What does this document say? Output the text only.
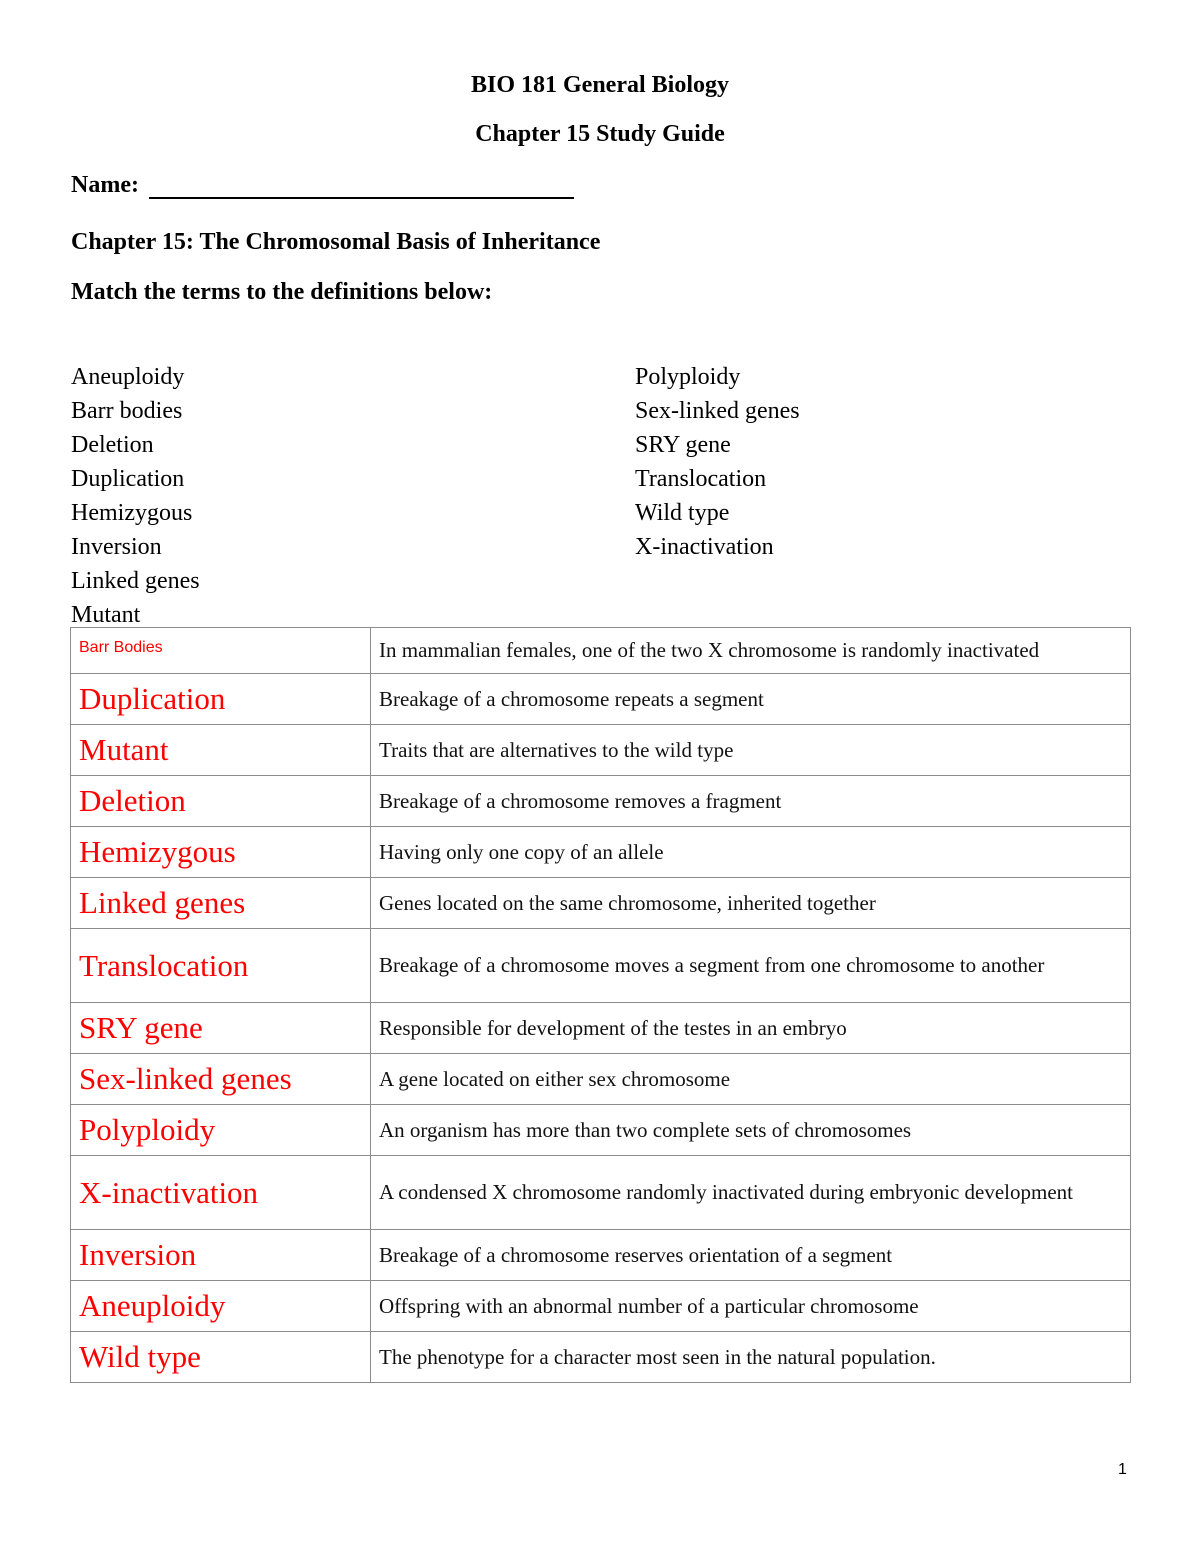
BIO 181 General Biology
Chapter 15 Study Guide
Name:
Chapter 15: The Chromosomal Basis of Inheritance

Match the terms to the definitions below:

Aneuploidy
Barr bodies
Deletion
Duplication
Hemizygous
Inversion
Linked genes
Mutant
Polyploidy
Sex-linked genes
SRY gene
Translocation
Wild type
X-inactivation
Barr Bodies	In mammalian females, one of the two X chromosome is randomly inactivated
Duplication	Breakage of a chromosome repeats a segment
Mutant	Traits that are alternatives to the wild type
Deletion	Breakage of a chromosome removes a fragment
Hemizygous	Having only one copy of an allele
Linked genes	Genes located on the same chromosome, inherited together
Translocation	Breakage of a chromosome moves a segment from one chromosome to another
SRY gene	Responsible for development of the testes in an embryo
Sex-linked genes	A gene located on either sex chromosome
Polyploidy	An organism has more than two complete sets of chromosomes
X-inactivation	A condensed X chromosome randomly inactivated during embryonic development
Inversion	Breakage of a chromosome reserves orientation of a segment
Aneuploidy	Offspring with an abnormal number of a particular chromosome
Wild type	The phenotype for a character most seen in the natural population.
1
